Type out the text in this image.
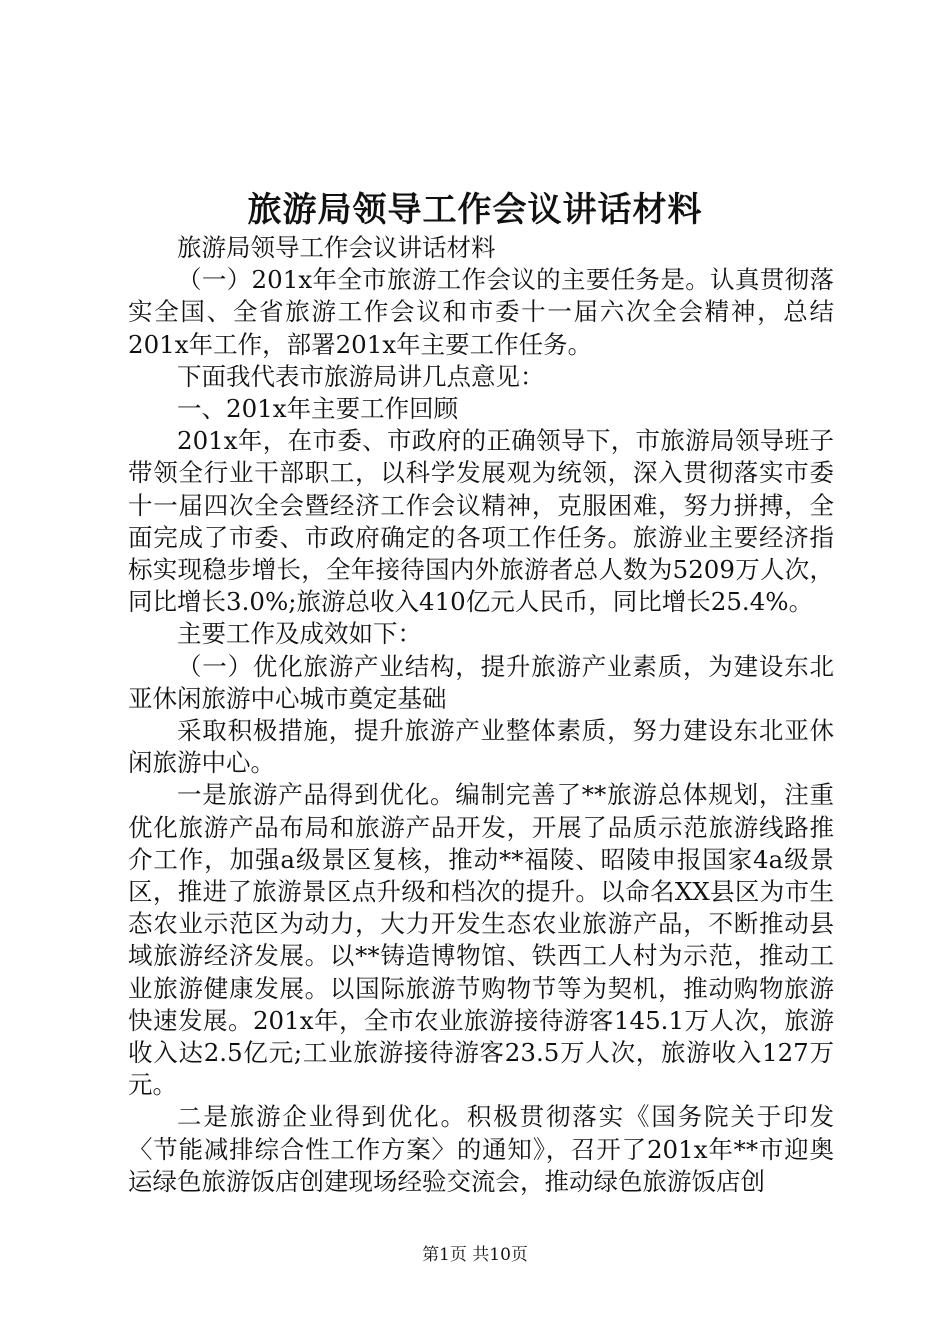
旅游局领导工作会议讲话材料

旅游局领导工作会议讲话材料

（一）201x年全市旅游工作会议的主要任务是。认真贯彻落实全国、全省旅游工作会议和市委十一届六次全会精神，总结201x年工作，部署201x年主要工作任务。

下面我代表市旅游局讲几点意见：

一、201x年主要工作回顾

201x年，在市委、市政府的正确领导下，市旅游局领导班子带领全行业干部职工，以科学发展观为统领，深入贯彻落实市委十一届四次全会暨经济工作会议精神，克服困难，努力拼搏，全面完成了市委、市政府确定的各项工作任务。旅游业主要经济指标实现稳步增长，全年接待国内外旅游者总人数为5209万人次，同比增长3.0%;旅游总收入410亿元人民币，同比增长25.4%。

主要工作及成效如下：

（一）优化旅游产业结构，提升旅游产业素质，为建设东北亚休闲旅游中心城市奠定基础

采取积极措施，提升旅游产业整体素质，努力建设东北亚休闲旅游中心。

一是旅游产品得到优化。编制完善了**旅游总体规划，注重优化旅游产品布局和旅游产品开发，开展了品质示范旅游线路推介工作，加强a级景区复核，推动**福陵、昭陵申报国家4a级景区，推进了旅游景区点升级和档次的提升。以命名XX县区为市生态农业示范区为动力，大力开发生态农业旅游产品，不断推动县域旅游经济发展。以**铸造博物馆、铁西工人村为示范，推动工业旅游健康发展。以国际旅游节购物节等为契机，推动购物旅游快速发展。201x年，全市农业旅游接待游客145.1万人次，旅游收入达2.5亿元;工业旅游接待游客23.5万人次，旅游收入127万元。

二是旅游企业得到优化。积极贯彻落实《国务院关于印发〈节能减排综合性工作方案〉的通知》，召开了201x年**市迎奥运绿色旅游饭店创建现场经验交流会，推动绿色旅游饭店创

第1页 共10页
